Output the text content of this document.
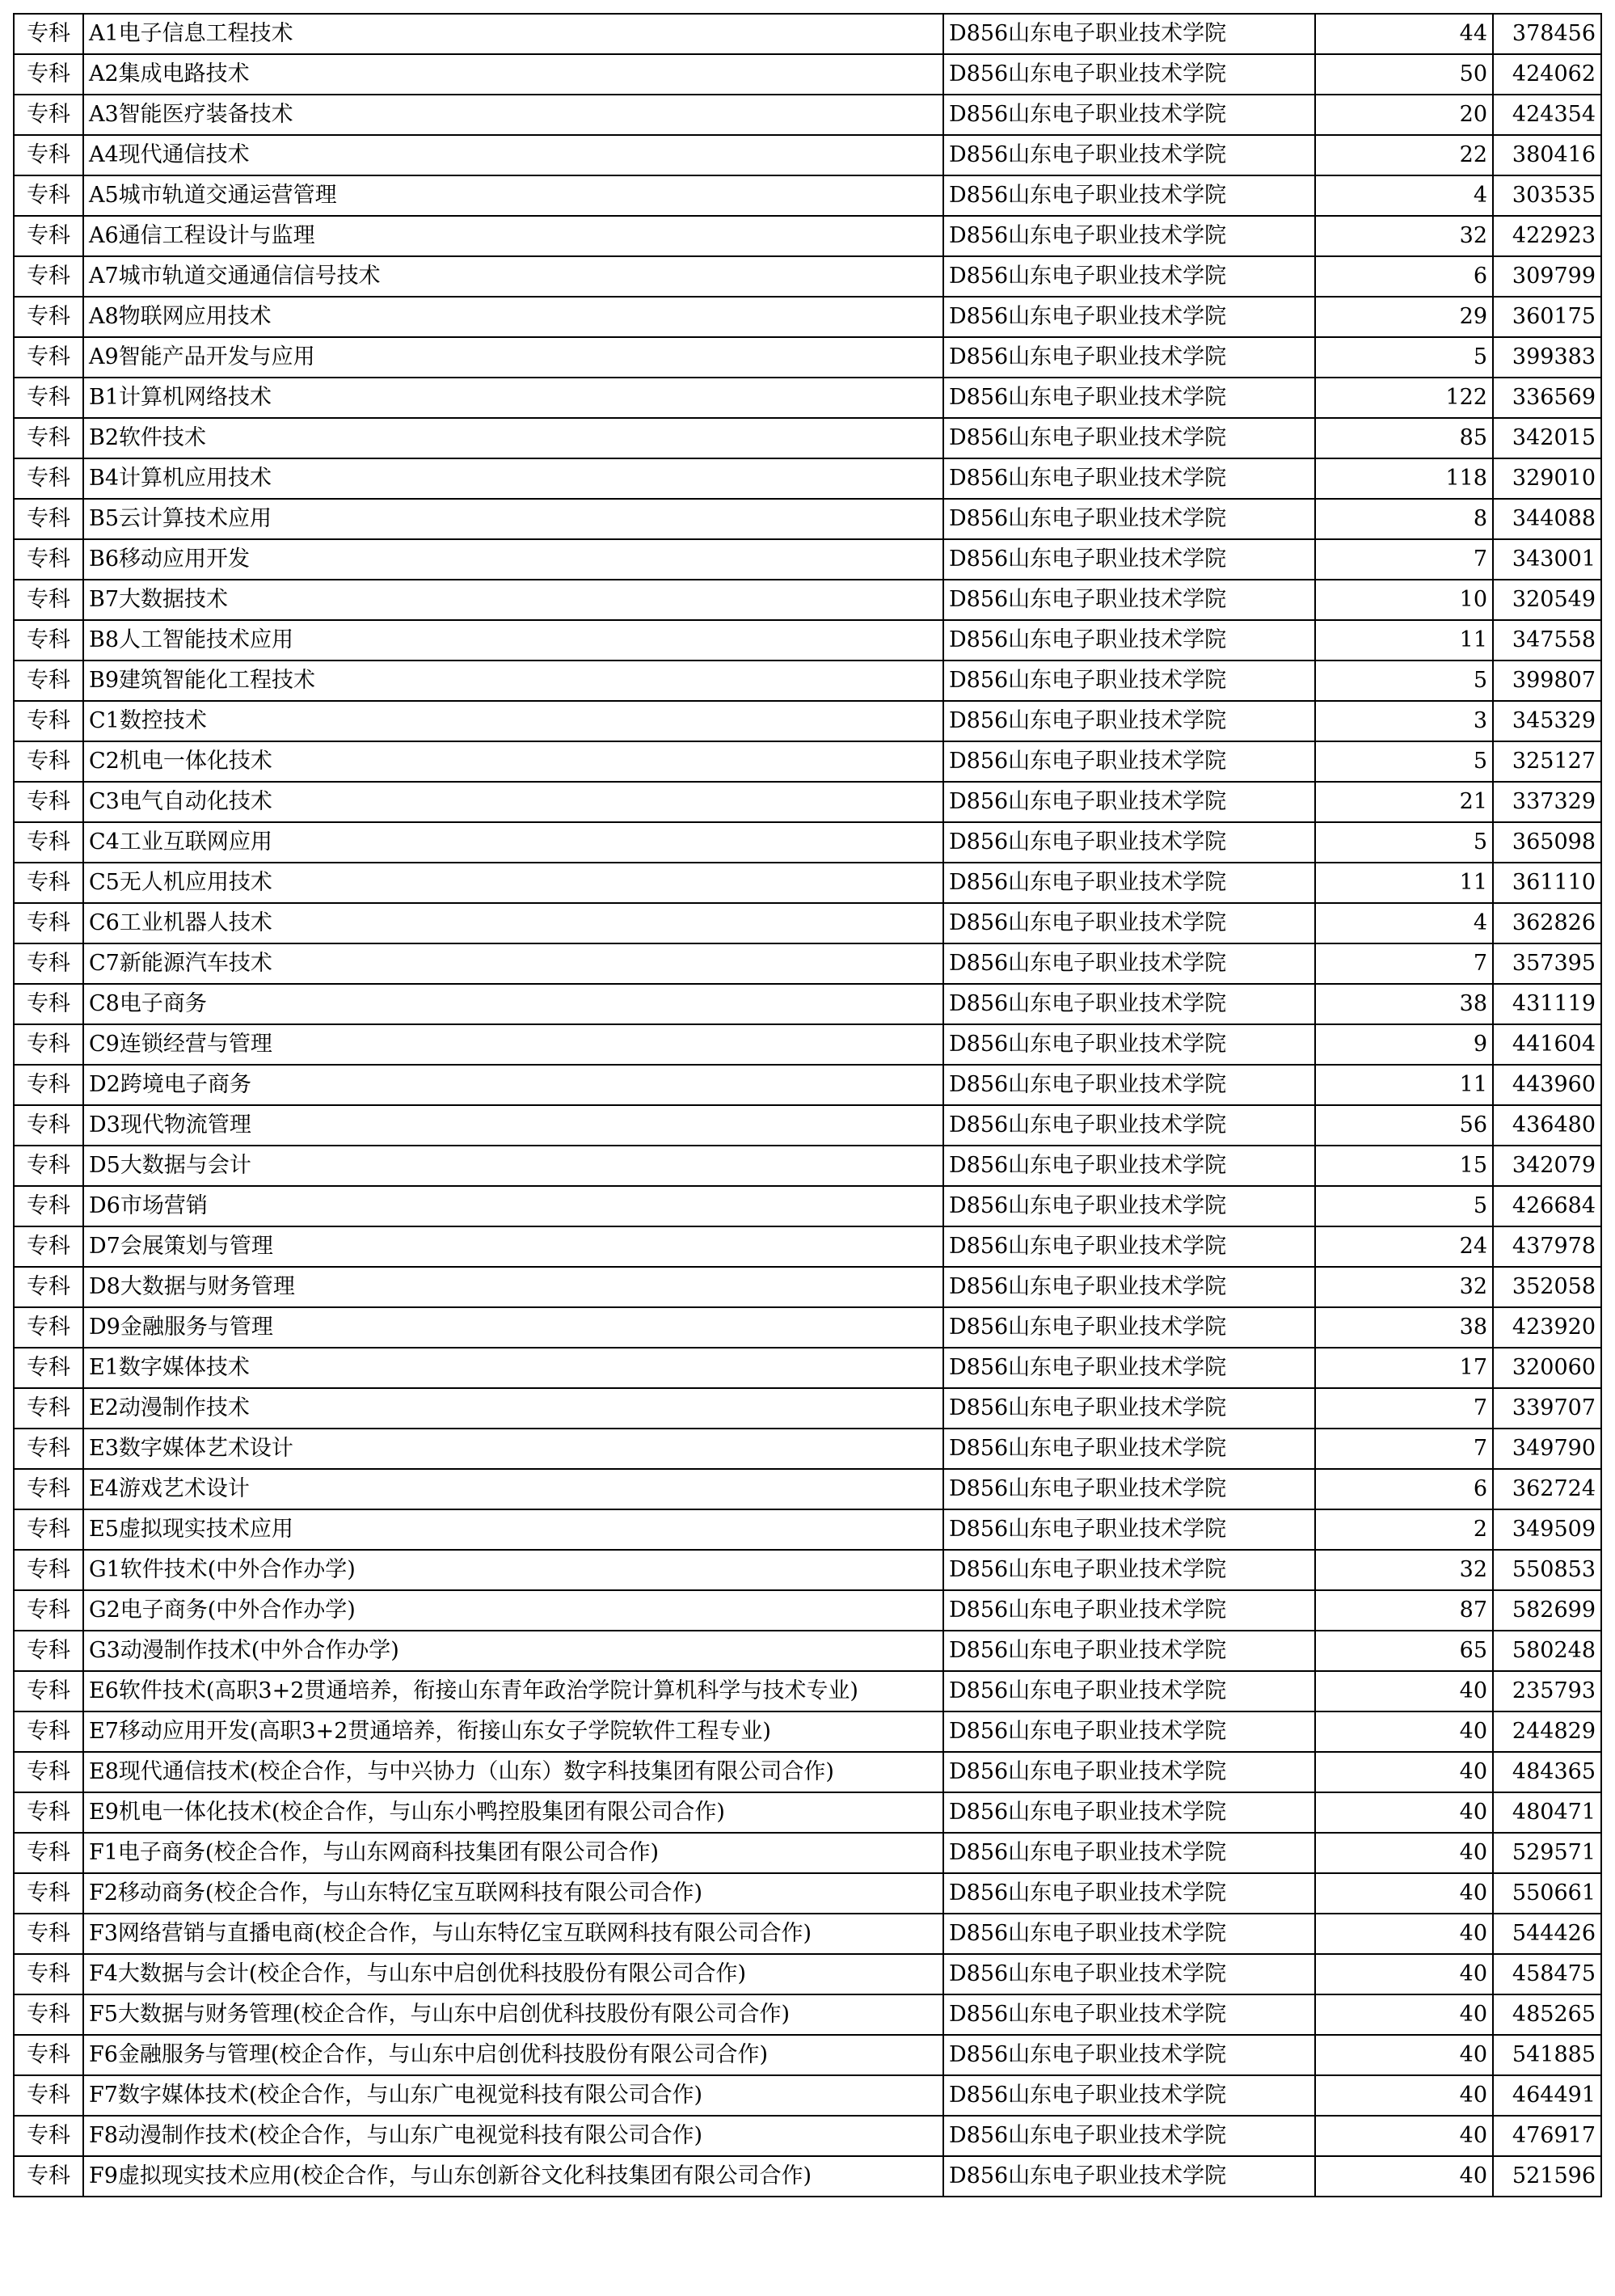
专科	A1电子信息工程技术	D856山东电子职业技术学院	44	378456
专科	A2集成电路技术	D856山东电子职业技术学院	50	424062
专科	A3智能医疗装备技术	D856山东电子职业技术学院	20	424354
专科	A4现代通信技术	D856山东电子职业技术学院	22	380416
专科	A5城市轨道交通运营管理	D856山东电子职业技术学院	4	303535
专科	A6通信工程设计与监理	D856山东电子职业技术学院	32	422923
专科	A7城市轨道交通通信信号技术	D856山东电子职业技术学院	6	309799
专科	A8物联网应用技术	D856山东电子职业技术学院	29	360175
专科	A9智能产品开发与应用	D856山东电子职业技术学院	5	399383
专科	B1计算机网络技术	D856山东电子职业技术学院	122	336569
专科	B2软件技术	D856山东电子职业技术学院	85	342015
专科	B4计算机应用技术	D856山东电子职业技术学院	118	329010
专科	B5云计算技术应用	D856山东电子职业技术学院	8	344088
专科	B6移动应用开发	D856山东电子职业技术学院	7	343001
专科	B7大数据技术	D856山东电子职业技术学院	10	320549
专科	B8人工智能技术应用	D856山东电子职业技术学院	11	347558
专科	B9建筑智能化工程技术	D856山东电子职业技术学院	5	399807
专科	C1数控技术	D856山东电子职业技术学院	3	345329
专科	C2机电一体化技术	D856山东电子职业技术学院	5	325127
专科	C3电气自动化技术	D856山东电子职业技术学院	21	337329
专科	C4工业互联网应用	D856山东电子职业技术学院	5	365098
专科	C5无人机应用技术	D856山东电子职业技术学院	11	361110
专科	C6工业机器人技术	D856山东电子职业技术学院	4	362826
专科	C7新能源汽车技术	D856山东电子职业技术学院	7	357395
专科	C8电子商务	D856山东电子职业技术学院	38	431119
专科	C9连锁经营与管理	D856山东电子职业技术学院	9	441604
专科	D2跨境电子商务	D856山东电子职业技术学院	11	443960
专科	D3现代物流管理	D856山东电子职业技术学院	56	436480
专科	D5大数据与会计	D856山东电子职业技术学院	15	342079
专科	D6市场营销	D856山东电子职业技术学院	5	426684
专科	D7会展策划与管理	D856山东电子职业技术学院	24	437978
专科	D8大数据与财务管理	D856山东电子职业技术学院	32	352058
专科	D9金融服务与管理	D856山东电子职业技术学院	38	423920
专科	E1数字媒体技术	D856山东电子职业技术学院	17	320060
专科	E2动漫制作技术	D856山东电子职业技术学院	7	339707
专科	E3数字媒体艺术设计	D856山东电子职业技术学院	7	349790
专科	E4游戏艺术设计	D856山东电子职业技术学院	6	362724
专科	E5虚拟现实技术应用	D856山东电子职业技术学院	2	349509
专科	G1软件技术(中外合作办学)	D856山东电子职业技术学院	32	550853
专科	G2电子商务(中外合作办学)	D856山东电子职业技术学院	87	582699
专科	G3动漫制作技术(中外合作办学)	D856山东电子职业技术学院	65	580248
专科	E6软件技术(高职3+2贯通培养，衔接山东青年政治学院计算机科学与技术专业)	D856山东电子职业技术学院	40	235793
专科	E7移动应用开发(高职3+2贯通培养，衔接山东女子学院软件工程专业)	D856山东电子职业技术学院	40	244829
专科	E8现代通信技术(校企合作，与中兴协力（山东）数字科技集团有限公司合作)	D856山东电子职业技术学院	40	484365
专科	E9机电一体化技术(校企合作，与山东小鸭控股集团有限公司合作)	D856山东电子职业技术学院	40	480471
专科	F1电子商务(校企合作，与山东网商科技集团有限公司合作)	D856山东电子职业技术学院	40	529571
专科	F2移动商务(校企合作，与山东特亿宝互联网科技有限公司合作)	D856山东电子职业技术学院	40	550661
专科	F3网络营销与直播电商(校企合作，与山东特亿宝互联网科技有限公司合作)	D856山东电子职业技术学院	40	544426
专科	F4大数据与会计(校企合作，与山东中启创优科技股份有限公司合作)	D856山东电子职业技术学院	40	458475
专科	F5大数据与财务管理(校企合作，与山东中启创优科技股份有限公司合作)	D856山东电子职业技术学院	40	485265
专科	F6金融服务与管理(校企合作，与山东中启创优科技股份有限公司合作)	D856山东电子职业技术学院	40	541885
专科	F7数字媒体技术(校企合作，与山东广电视觉科技有限公司合作)	D856山东电子职业技术学院	40	464491
专科	F8动漫制作技术(校企合作，与山东广电视觉科技有限公司合作)	D856山东电子职业技术学院	40	476917
专科	F9虚拟现实技术应用(校企合作，与山东创新谷文化科技集团有限公司合作)	D856山东电子职业技术学院	40	521596
